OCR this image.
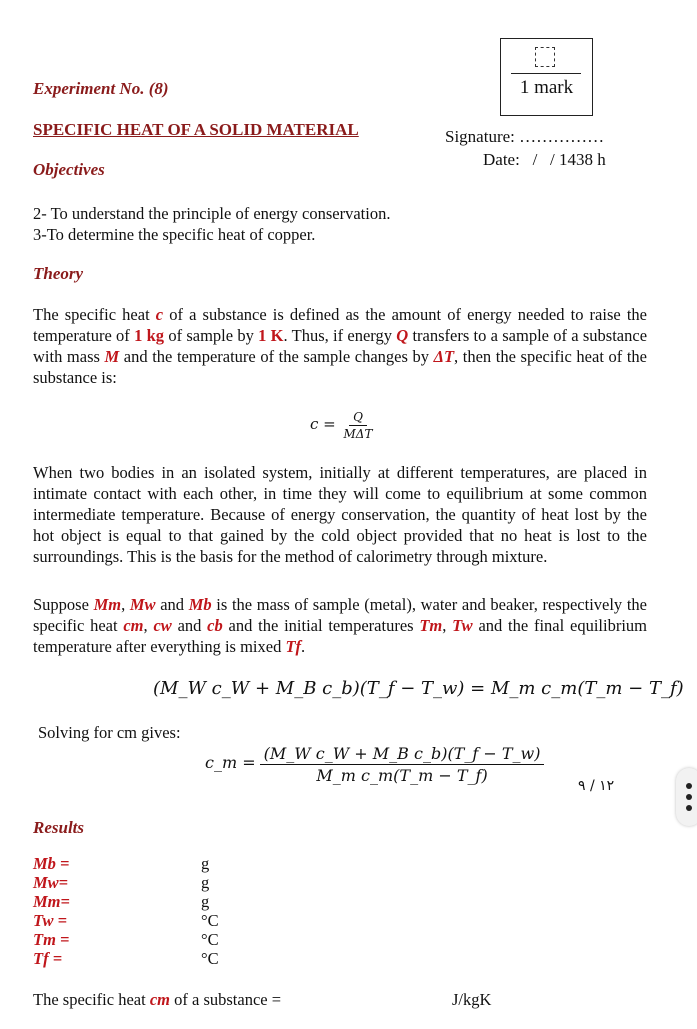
Experiment No. (8)
SPECIFIC HEAT OF A SOLID MATERIAL
1 mark
Signature: ……………
Date:   /   / 1438 h
Objectives
2- To understand the principle of energy conservation.
3-To determine the specific heat of copper.
Theory
The specific heat c of a substance is defined as the amount of energy needed to raise the temperature of 1 kg of sample by 1 K. Thus, if energy Q transfers to a sample of a substance with mass M and the temperature of the sample changes by ΔT, then the specific heat of the substance is:
$c = \frac{Q}{\text{MΔT}}$
When two bodies in an isolated system, initially at different temperatures, are placed in intimate contact with each other, in time they will come to equilibrium at some common intermediate temperature. Because of energy conservation, the quantity of heat lost by the hot object is equal to that gained by the cold object provided that no heat is lost to the surroundings. This is the basis for the method of calorimetry through mixture.
Suppose Mm, Mw and Mb is the mass of sample (metal), water and beaker, respectively the specific heat cm, cw and cb and the initial temperatures Tm, Tw and the final equilibrium temperature after everything is mixed Tf.
(M_W c_W + M_B c_b)(T_f − T_w) = M_m c_m(T_m − T_f)
Solving for cm gives:
c_m = $\frac{\text{(M\_W c\_W + M\_B c\_b)(T\_f − T\_w)}}{\text{M\_m c\_m(T\_m − T\_f)}}$
١٢ / ٩
Results
Mb =	g
Mw=	g
Mm=	g
Tw =	°C
Tm =	°C
Tf =	°C
The specific heat cm of a substance =	J/kgK
